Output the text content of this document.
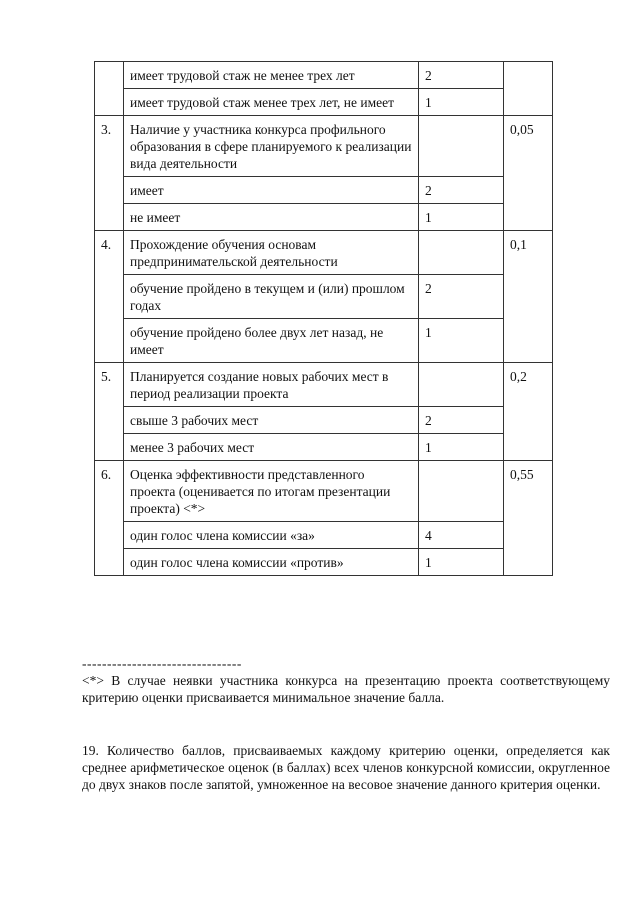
	имеет трудовой стаж не менее трех лет	2	
	имеет трудовой стаж менее трех лет, не имеет	1	
3.	Наличие у участника конкурса профильного образования в сфере планируемого к реализации вида деятельности		0,05
	имеет	2	
	не имеет	1	
4.	Прохождение обучения основам предпринимательской деятельности		0,1
	обучение пройдено в текущем и (или) прошлом годах	2	
	обучение пройдено более двух лет назад, не имеет	1	
5.	Планируется создание новых рабочих мест в период реализации проекта		0,2
	свыше 3 рабочих мест	2	
	менее 3 рабочих мест	1	
6.	Оценка эффективности представленного проекта (оценивается по итогам презентации проекта) <*>		0,55
	один голос члена комиссии «за»	4	
	один голос члена комиссии «против»	1	

--------------------------------

<*> В случае неявки участника конкурса на презентацию проекта соответствующему критерию оценки присваивается минимальное значение балла.

19. Количество баллов, присваиваемых каждому критерию оценки, определяется как среднее арифметическое оценок (в баллах) всех членов конкурсной комиссии, округленное до двух знаков после запятой, умноженное на весовое значение данного критерия оценки.
